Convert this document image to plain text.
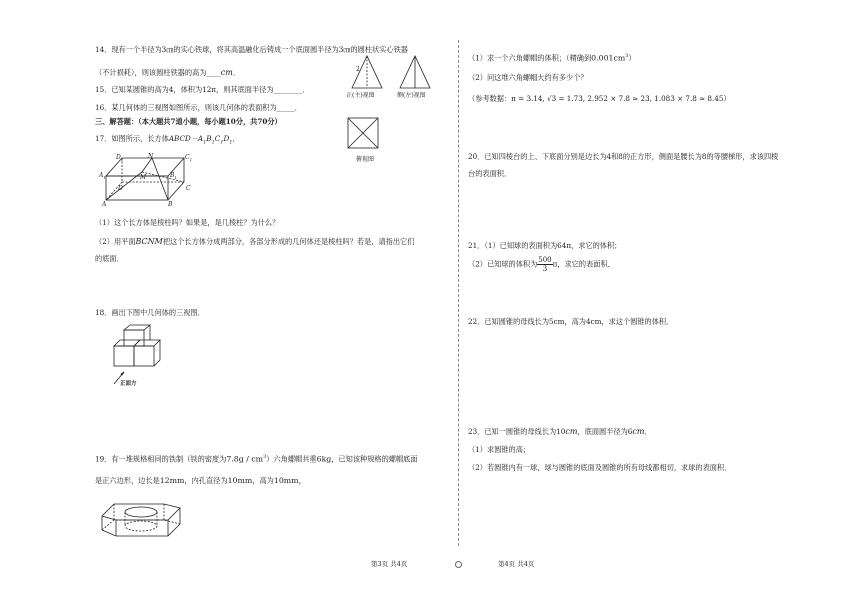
14．现有一个半径为3㎝的实心铁球，将其高温融化后铸成一个底面圆半径为3㎝的圆柱状实心铁器
（不计损耗），则该圆柱铁器的高为____cm．
15．已知某圆锥的高为4，体积为12π，则其底面半径为________．
16．某几何体的三视图如图所示，则该几何体的表面积为_____．
三、解答题：（本大题共7道小题，每小题10分，共70分）
2
正(主)视图	侧(左)视图
俯视图
17．如图所示，长方体$ABCD-A_1B_1C_1D_1$．
$D_1$	N	$C_1$
$A_1$	M	$B_1$
D	C
A	B
（1）这个长方体是棱柱吗？如果是，是几棱柱？为什么？
（2）用平面BCNM把这个长方体分成两部分，各部分形成的几何体还是棱柱吗？若是，请指出它们
的底面．
18．画出下图中几何体的三视图．
正面方
19．有一堆规格相同的铁制（铁的密度为$7.8g / cm^3$）六角螺帽共重6kg，已知该种规格的螺帽底面
是正六边形，边长是12mm，内孔直径为10mm，高为10mm，
（1）求一个六角螺帽的体积；（精确到$0.001cm^3$）
（2）问这堆六角螺帽大约有多少个？
（参考数据：π = 3.14, √3 = 1.73, 2.952 × 7.8 ≈ 23, 1.083 × 7.8 ≈ 8.45）
20．已知四棱台的上、下底面分别是边长为4和8的正方形，侧面是腰长为8的等腰梯形，求该四棱
台的表面积．
21．（1）已知球的表面积为64π，求它的体积；
（2）已知球的体积为 $\frac{500}{3}$ π，求它的表面积．
22．已知圆锥的母线长为5cm，高为4cm，求这个圆锥的体积．
23．已知一圆锥的母线长为10cm，底面圆半径为6cm．
（1）求圆锥的高；
（2）若圆锥内有一球，球与圆锥的底面及圆锥的所有母线都相切，求球的表面积．
第3页 共4页	第4页 共4页
